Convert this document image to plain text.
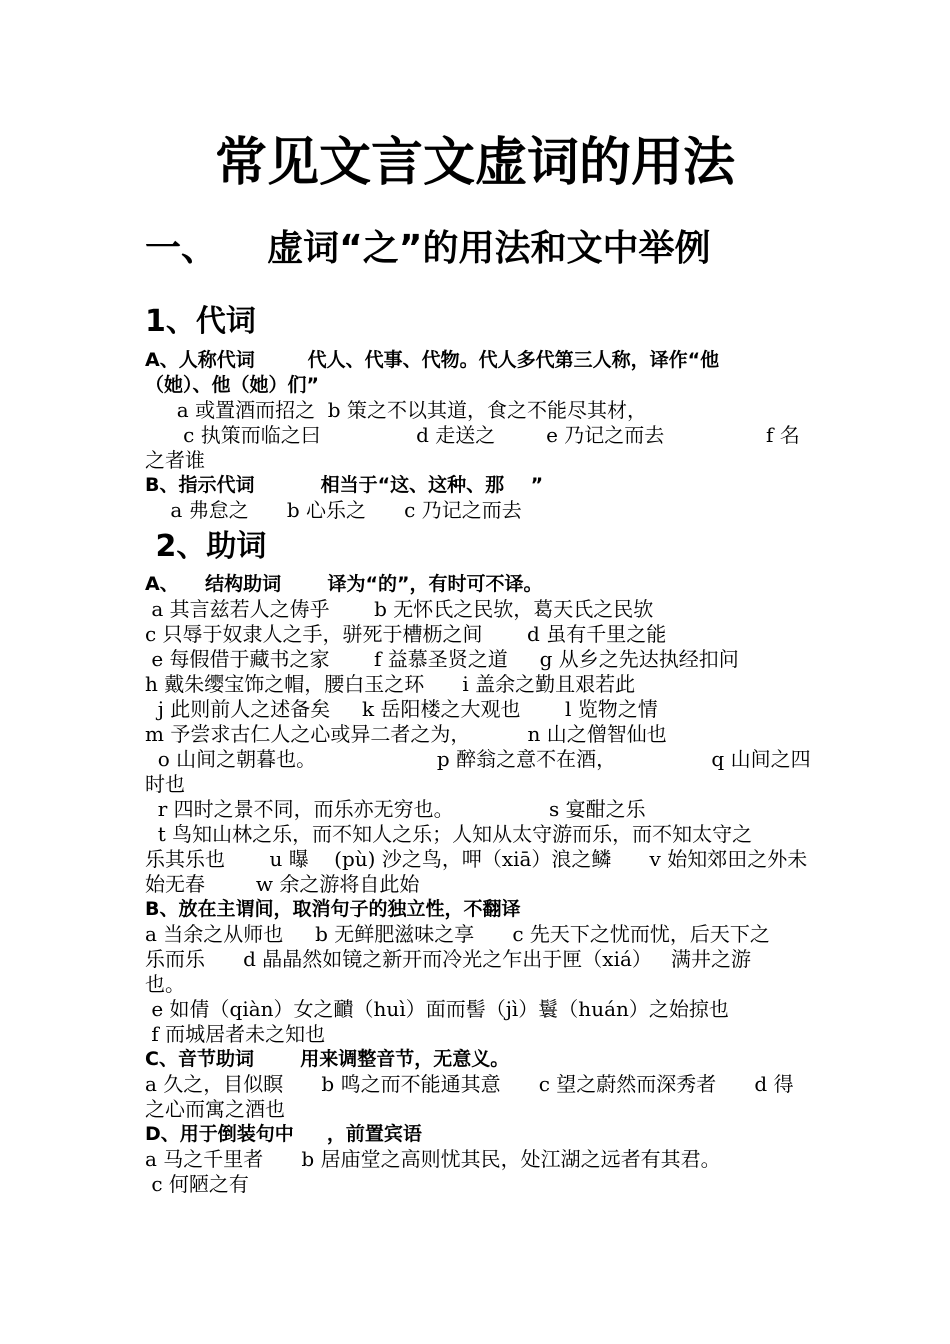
常见文言文虚词的用法
一、    虚词“之”的用法和文中举例
1、代词
A、人称代词        代人、代事、代物。代人多代第三人称，译作“他
（她）、他（她）们”
a 或置酒而招之  b 策之不以其道，食之不能尽其材，
c 执策而临之曰               d 走送之        e 乃记之而去                f 名
之者谁
B、指示代词          相当于“这、这种、那    ”
a 弗怠之      b 心乐之      c 乃记之而去
2、助词
A、    结构助词       译为“的”，有时可不译。
a 其言兹若人之俦乎       b 无怀氏之民欤，葛天氏之民欤
c 只辱于奴隶人之手，骈死于槽枥之间       d 虽有千里之能
e 每假借于藏书之家       f 益慕圣贤之道     g 从乡之先达执经扣问
h 戴朱缨宝饰之帽，腰白玉之环      i 盖余之勤且艰若此
j 此则前人之述备矣     k 岳阳楼之大观也       l 览物之情
m 予尝求古仁人之心或异二者之为，         n 山之僧智仙也
o 山间之朝暮也。                   p 醉翁之意不在酒，               q 山间之四
时也
r 四时之景不同，而乐亦无穷也。               s 宴酣之乐
t 鸟知山林之乐，而不知人之乐；人知从太守游而乐，而不知太守之
乐其乐也       u 曝    (pù) 沙之鸟，呷（xiā）浪之鳞      v 始知郊田之外未
始无春        w 余之游将自此始
B、放在主谓间，取消句子的独立性，不翻译
a 当余之从师也     b 无鲜肥滋味之享      c 先天下之忧而忧，后天下之
乐而乐      d 晶晶然如镜之新开而冷光之乍出于匣（xiá）   满井之游
也。
e 如倩（qiàn）女之靧（huì）面而髻（jì）鬟（huán）之始掠也
f 而城居者未之知也
C、音节助词       用来调整音节，无意义。
a 久之，目似瞑      b 鸣之而不能通其意      c 望之蔚然而深秀者      d 得
之心而寓之酒也
D、用于倒装句中     ，前置宾语
a 马之千里者      b 居庙堂之高则忧其民，处江湖之远者有其君。
c 何陋之有
